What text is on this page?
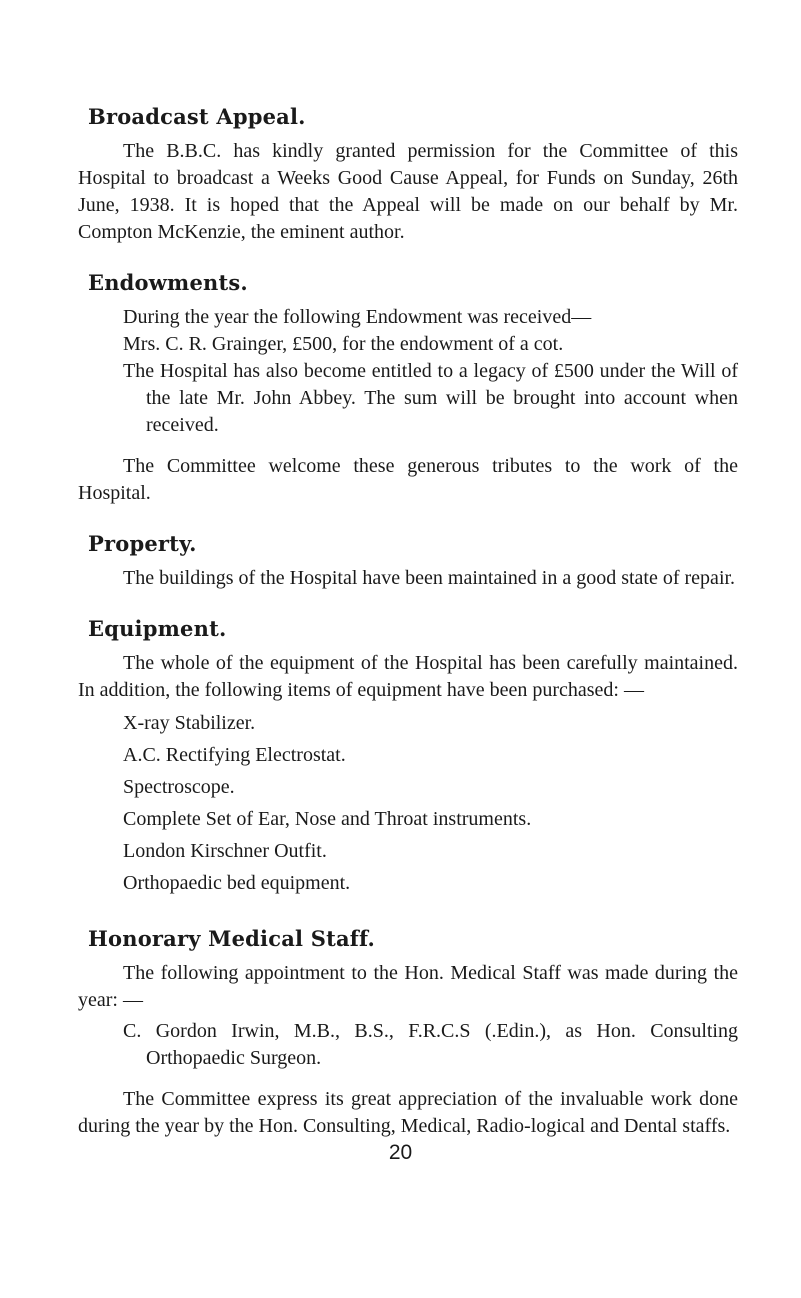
Broadcast Appeal.

The B.B.C. has kindly granted permission for the Committee of this Hospital to broadcast a Weeks Good Cause Appeal, for Funds on Sunday, 26th June, 1938. It is hoped that the Appeal will be made on our behalf by Mr. Compton McKenzie, the eminent author.

Endowments.

During the year the following Endowment was received—

Mrs. C. R. Grainger, £500, for the endowment of a cot.

The Hospital has also become entitled to a legacy of £500 under the Will of the late Mr. John Abbey. The sum will be brought into account when received.

The Committee welcome these generous tributes to the work of the Hospital.

Property.

The buildings of the Hospital have been maintained in a good state of repair.

Equipment.

The whole of the equipment of the Hospital has been carefully maintained. In addition, the following items of equipment have been purchased: —

X-ray Stabilizer.

A.C. Rectifying Electrostat.

Spectroscope.

Complete Set of Ear, Nose and Throat instruments.

London Kirschner Outfit.

Orthopaedic bed equipment.

Honorary Medical Staff.

The following appointment to the Hon. Medical Staff was made during the year: —

C. Gordon Irwin, M.B., B.S., F.R.C.S (.Edin.), as Hon. Consulting Orthopaedic Surgeon.

The Committee express its great appreciation of the invaluable work done during the year by the Hon. Consulting, Medical, Radio-logical and Dental staffs.

20
